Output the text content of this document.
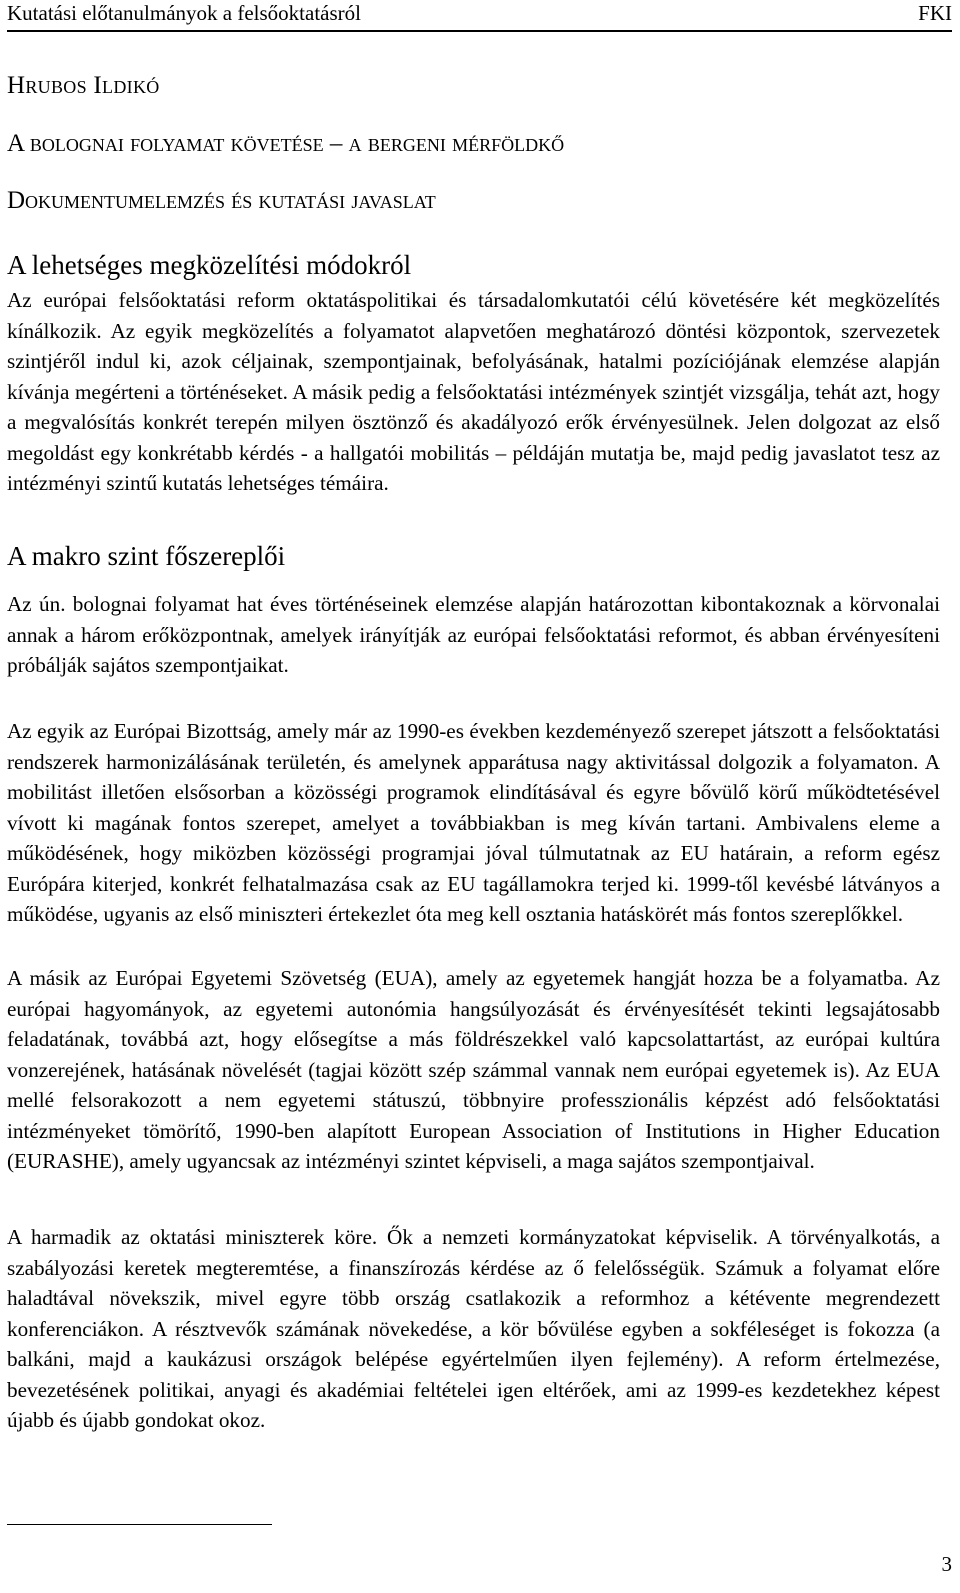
Kutatási előtanulmányok a felsőoktatásról	FKI
Hrubos Ildikó
A bolognai folyamat követése – a bergeni mérföldkő
Dokumentumelemzés és kutatási javaslat
A lehetséges megközelítési módokról

Az európai felsőoktatási reform oktatáspolitikai és társadalomkutatói célú követésére két megközelítés kínálkozik. Az egyik megközelítés a folyamatot alapvetően meghatározó döntési központok, szervezetek szintjéről indul ki, azok céljainak, szempontjainak, befolyásának, hatalmi pozíciójának elemzése alapján kívánja megérteni a történéseket. A másik pedig a felsőoktatási intézmények szintjét vizsgálja, tehát azt, hogy a megvalósítás konkrét terepén milyen ösztönző és akadályozó erők érvényesülnek. Jelen dolgozat az első megoldást egy konkrétabb kérdés - a hallgatói mobilitás – példáján mutatja be, majd pedig javaslatot tesz az intézményi szintű kutatás lehetséges témáira.

A makro szint főszereplői

Az ún. bolognai folyamat hat éves történéseinek elemzése alapján határozottan kibontakoznak a körvonalai annak a három erőközpontnak, amelyek irányítják az európai felsőoktatási reformot, és abban érvényesíteni próbálják sajátos szempontjaikat.

Az egyik az Európai Bizottság, amely már az 1990-es években kezdeményező szerepet játszott a felsőoktatási rendszerek harmonizálásának területén, és amelynek apparátusa nagy aktivitással dolgozik a folyamaton. A mobilitást illetően elsősorban a közösségi programok elindításával és egyre bővülő körű működtetésével vívott ki magának fontos szerepet, amelyet a továbbiakban is meg kíván tartani. Ambivalens eleme a működésének, hogy miközben közösségi programjai jóval túlmutatnak az EU határain, a reform egész Európára kiterjed, konkrét felhatalmazása csak az EU tagállamokra terjed ki. 1999-től kevésbé látványos a működése, ugyanis az első miniszteri értekezlet óta meg kell osztania hatáskörét más fontos szereplőkkel.

A másik az Európai Egyetemi Szövetség (EUA), amely az egyetemek hangját hozza be a folyamatba. Az európai hagyományok, az egyetemi autonómia hangsúlyozását és érvényesítését tekinti legsajátosabb feladatának, továbbá azt, hogy elősegítse a más földrészekkel való kapcsolattartást, az európai kultúra vonzerejének, hatásának növelését (tagjai között szép számmal vannak nem európai egyetemek is). Az EUA mellé felsorakozott a nem egyetemi státuszú, többnyire professzionális képzést adó felsőoktatási intézményeket tömörítő, 1990-ben alapított European Association of Institutions in Higher Education (EURASHE), amely ugyancsak az intézményi szintet képviseli, a maga sajátos szempontjaival.

A harmadik az oktatási miniszterek köre. Ők a nemzeti kormányzatokat képviselik. A törvényalkotás, a szabályozási keretek megteremtése, a finanszírozás kérdése az ő felelősségük. Számuk a folyamat előre haladtával növekszik, mivel egyre több ország csatlakozik a reformhoz a kétévente megrendezett konferenciákon. A résztvevők számának növekedése, a kör bővülése egyben a sokféleséget is fokozza (a balkáni, majd a kaukázusi országok belépése egyértelműen ilyen fejlemény). A reform értelmezése, bevezetésének politikai, anyagi és akadémiai feltételei igen eltérőek, ami az 1999-es kezdetekhez képest újabb és újabb gondokat okoz.

3
